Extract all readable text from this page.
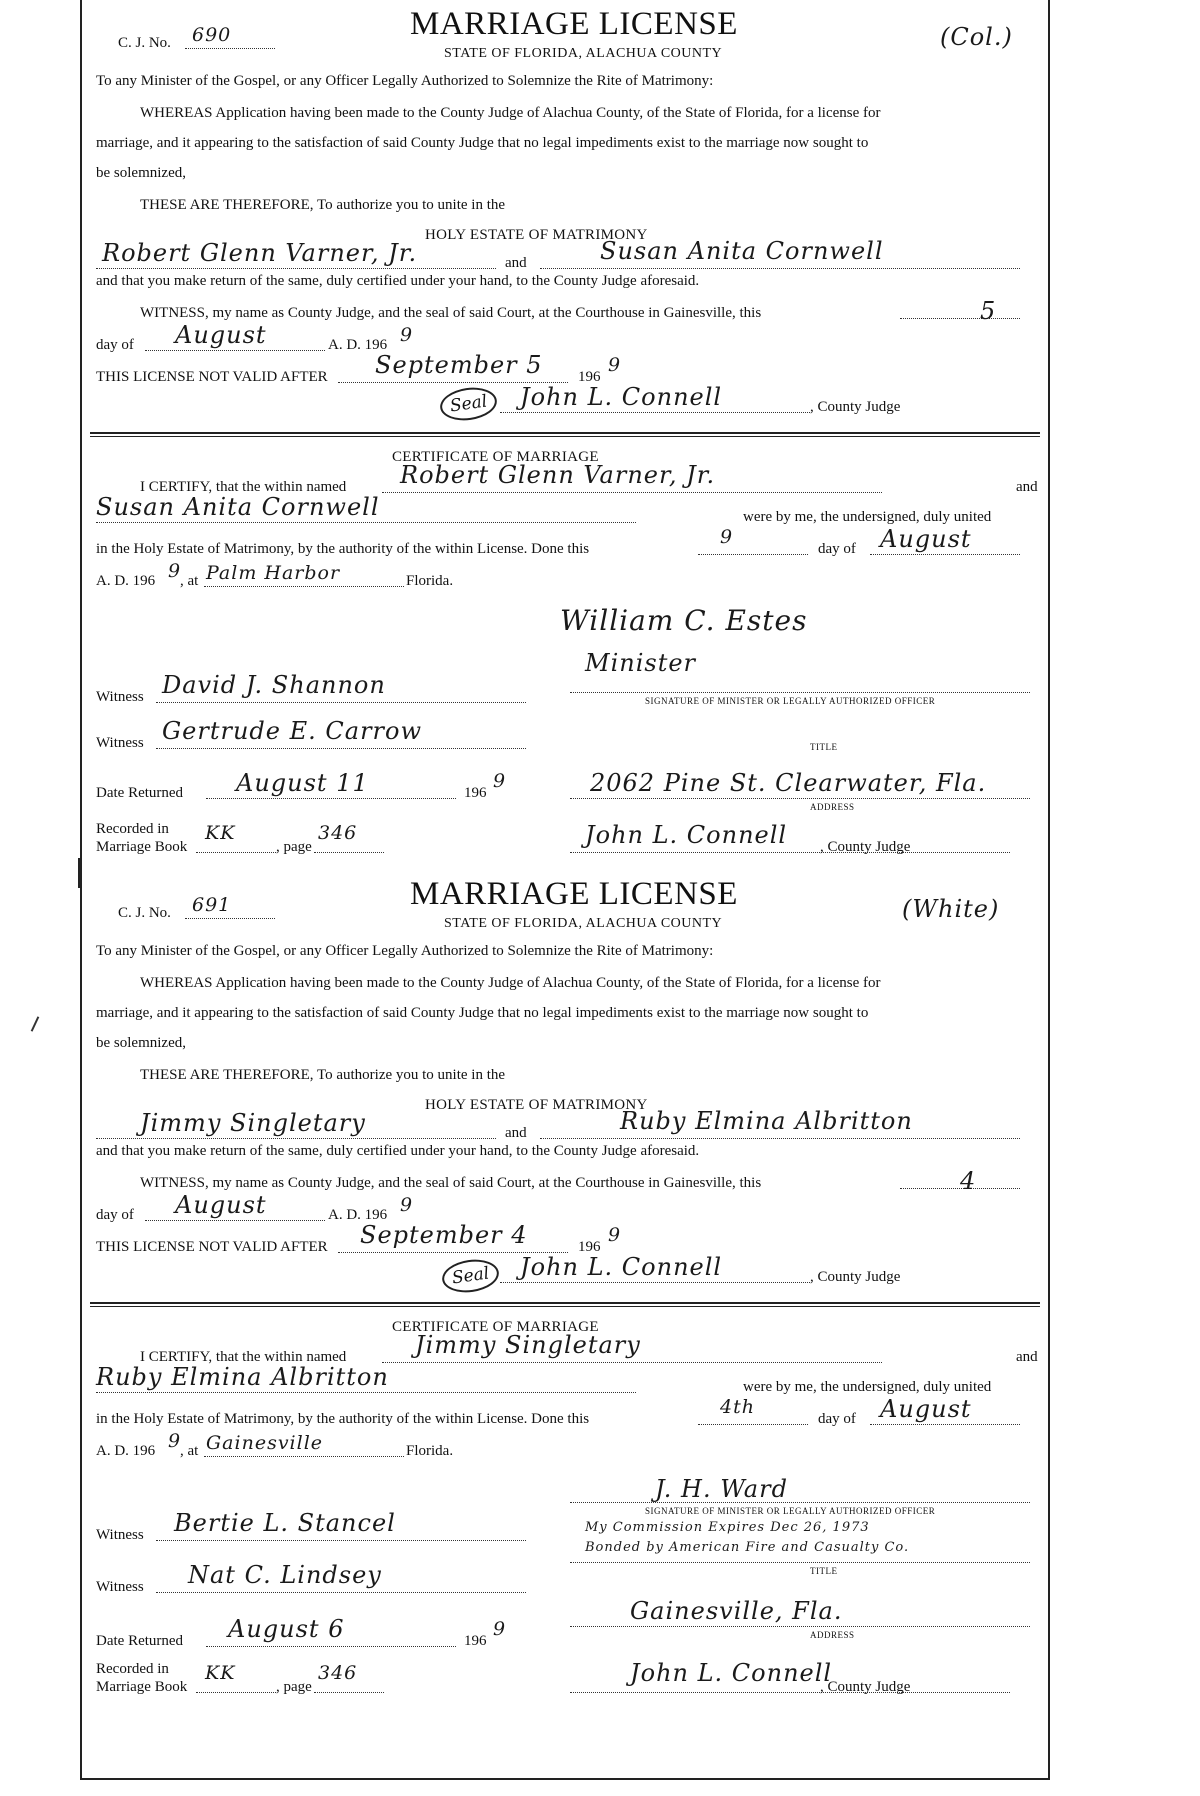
C. J. No. 690	MARRIAGE LICENSE
STATE OF FLORIDA, ALACHUA COUNTY
(Col.)
To any Minister of the Gospel, or any Officer Legally Authorized to Solemnize the Rite of Matrimony:
WHEREAS Application having been made to the County Judge of Alachua County, of the State of Florida, for a license for
marriage, and it appearing to the satisfaction of said County Judge that no legal impediments exist to the marriage now sought to
be solemnized,
THESE ARE THEREFORE, To authorize you to unite in the
HOLY ESTATE OF MATRIMONY
Robert Glenn Varner, Jr.	and	Susan Anita Cornwell
and that you make return of the same, duly certified under your hand, to the County Judge aforesaid.
WITNESS, my name as County Judge, and the seal of said Court, at the Courthouse in Gainesville, this	5
day of August	A. D. 196 9
THIS LICENSE NOT VALID AFTER September 5 196
9
Seal	John L. Connell	, County Judge
CERTIFICATE OF MARRIAGE
I CERTIFY, that the within named Robert Glenn Varner, Jr.	and
Susan Anita Cornwell	were by me, the undersigned, duly united
in the Holy Estate of Matrimony, by the authority of the within License. Done this
9
day of August
A. D. 196 9
, at Palm Harbor	Florida.
William C. Estes
SIGNATURE OF MINISTER OR LEGALLY AUTHORIZED OFFICER
Minister
TITLE
Witness David J. Shannon
Witness Gertrude E. Carrow
Date Returned August 11	196
9	2062 Pine St. Clearwater, Fla.
ADDRESS
Recorded in
Marriage Book
KK
, page
346	John L. Connell , County Judge
C. J. No. 691	MARRIAGE LICENSE
STATE OF FLORIDA, ALACHUA COUNTY
(White)
To any Minister of the Gospel, or any Officer Legally Authorized to Solemnize the Rite of Matrimony:
WHEREAS Application having been made to the County Judge of Alachua County, of the State of Florida, for a license for
marriage, and it appearing to the satisfaction of said County Judge that no legal impediments exist to the marriage now sought to
be solemnized,
THESE ARE THEREFORE, To authorize you to unite in the
HOLY ESTATE OF MATRIMONY
Jimmy Singletary	and	Ruby Elmina Albritton
and that you make return of the same, duly certified under your hand, to the County Judge aforesaid.
WITNESS, my name as County Judge, and the seal of said Court, at the Courthouse in Gainesville, this	4
day of August	A. D. 196 9
THIS LICENSE NOT VALID AFTER September 4	196
9
Seal	John L. Connell	, County Judge
CERTIFICATE OF MARRIAGE
I CERTIFY, that the within named	Jimmy Singletary	and
Ruby Elmina Albritton	were by me, the undersigned, duly united
in the Holy Estate of Matrimony, by the authority of the within License. Done this
4th
day of August
A. D. 196 9
, at Gainesville	Florida.
J. H. Ward
SIGNATURE OF MINISTER OR LEGALLY AUTHORIZED OFFICER
My Commission Expires Dec 26, 1973
Bonded by American Fire and Casualty Co.
TITLE
Witness Bertie L. Stancel
Witness Nat C. Lindsey
Date Returned August 6	196
9
Gainesville, Fla.
ADDRESS
Recorded in
Marriage Book
KK
, page
346	John L. Connell
, County Judge
